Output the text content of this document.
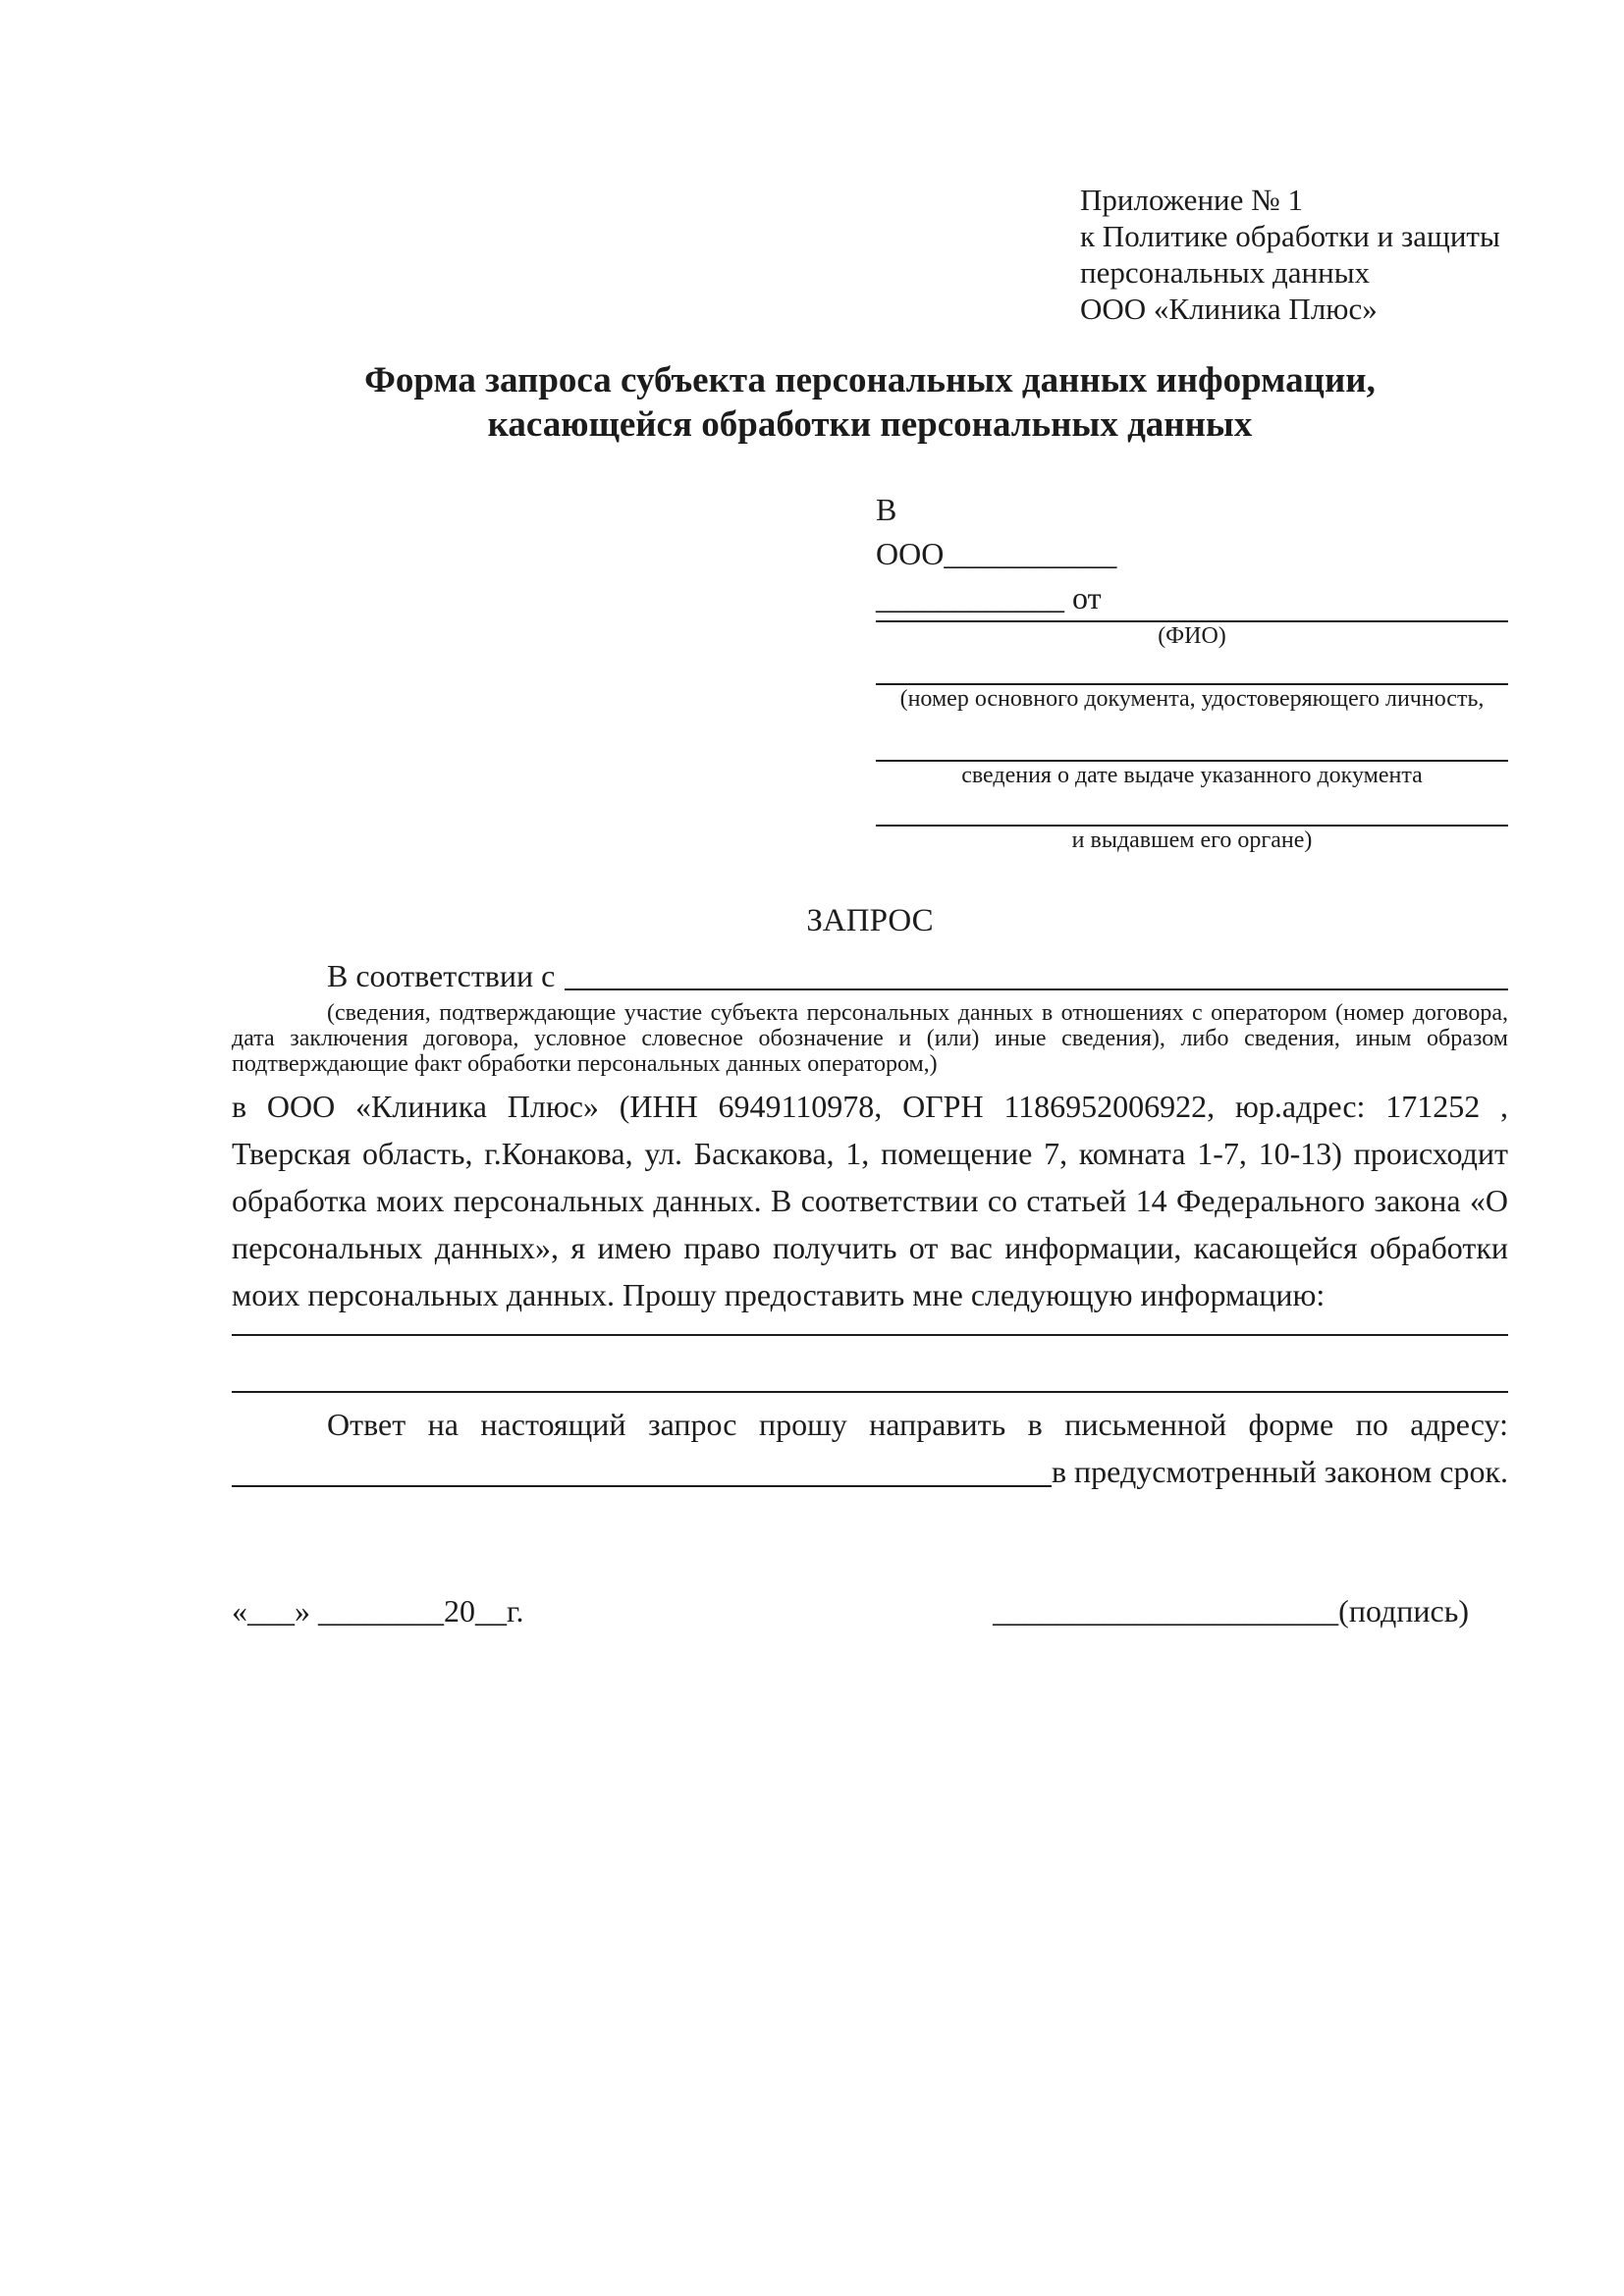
Приложение № 1
к Политике обработки и защиты
персональных данных
ООО «Клиника Плюс»
Форма запроса субъекта персональных данных информации,
касающейся обработки персональных данных
В
ООО___________
____________ от
(ФИО)
(номер основного документа, удостоверяющего личность,
сведения о дате выдаче указанного документа
и выдавшем его органе)
ЗАПРОС
В соответствии с
(сведения, подтверждающие участие субъекта персональных данных в отношениях с оператором (номер договора, дата заключения договора, условное словесное обозначение и (или) иные сведения), либо сведения, иным образом подтверждающие факт обработки персональных данных оператором,)
в ООО «Клиника Плюс» (ИНН 6949110978, ОГРН 1186952006922, юр.адрес: 171252 , Тверская область, г.Конакова, ул. Баскакова, 1, помещение 7, комната 1-7, 10-13) происходит обработка моих персональных данных. В соответствии со статьей 14 Федерального закона «О персональных данных», я имею право получить от вас информации, касающейся обработки моих персональных данных. Прошу предоставить мне следующую информацию:
Ответ на настоящий запрос прошу направить в письменной форме по адресу:
в предусмотренный законом срок.
«___» ________20__г.	______________________(подпись)
